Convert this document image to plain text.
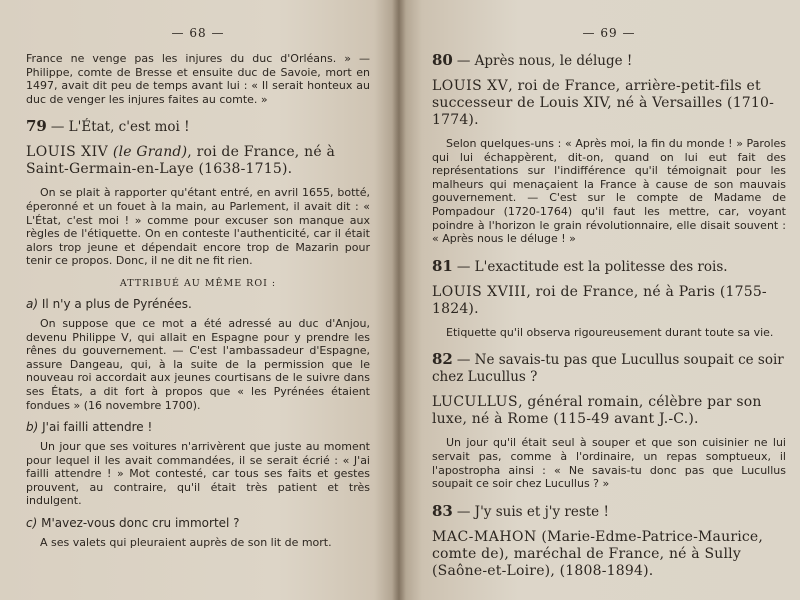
— 68 —

France ne venge pas les injures du duc d'Orléans. » — Philippe, comte de Bresse et ensuite duc de Savoie, mort en 1497, avait dit peu de temps avant lui : « Il serait honteux au duc de venger les injures faites au comte. »

79 — L'État, c'est moi !
LOUIS XIV (le Grand), roi de France, né à Saint-Germain-en-Laye (1638-1715).

On se plait à rapporter qu'étant entré, en avril 1655, botté, éperonné et un fouet à la main, au Parlement, il avait dit : « L'État, c'est moi ! » comme pour excuser son manque aux règles de l'étiquette. On en conteste l'authenticité, car il était alors trop jeune et dépendait encore trop de Mazarin pour tenir ce propos. Donc, il ne dit ne fit rien.

ATTRIBUÉ AU MÊME ROI :
a) Il n'y a plus de Pyrénées.

On suppose que ce mot a été adressé au duc d'Anjou, devenu Philippe V, qui allait en Espagne pour y prendre les rênes du gouvernement. — C'est l'ambassadeur d'Espagne, assure Dangeau, qui, à la suite de la permission que le nouveau roi accordait aux jeunes courtisans de le suivre dans ses États, a dit fort à propos que « les Pyrénées étaient fondues » (16 novembre 1700).

b) J'ai failli attendre !

Un jour que ses voitures n'arrivèrent que juste au moment pour lequel il les avait commandées, il se serait écrié : « J'ai failli attendre ! » Mot contesté, car tous ses faits et gestes prouvent, au contraire, qu'il était très patient et très indulgent.

c) M'avez-vous donc cru immortel ?

A ses valets qui pleuraient auprès de son lit de mort.

— 69 —
80 — Après nous, le déluge !
LOUIS XV, roi de France, arrière-petit-fils et successeur de Louis XIV, né à Versailles (1710-1774).

Selon quelques-uns : « Après moi, la fin du monde ! » Paroles qui lui échappèrent, dit-on, quand on lui eut fait des représentations sur l'indifférence qu'il témoignait pour les malheurs qui menaçaient la France à cause de son mauvais gouvernement. — C'est sur le compte de Madame de Pompadour (1720-1764) qu'il faut les mettre, car, voyant poindre à l'horizon le grain révolutionnaire, elle disait souvent : « Après nous le déluge ! »

81 — L'exactitude est la politesse des rois.
LOUIS XVIII, roi de France, né à Paris (1755-1824).

Etiquette qu'il observa rigoureusement durant toute sa vie.

82 — Ne savais-tu pas que Lucullus soupait ce soir chez Lucullus ?
LUCULLUS, général romain, célèbre par son luxe, né à Rome (115-49 avant J.-C.).

Un jour qu'il était seul à souper et que son cuisinier ne lui servait pas, comme à l'ordinaire, un repas somptueux, il l'apostropha ainsi : « Ne savais-tu donc pas que Lucullus soupait ce soir chez Lucullus ? »

83 — J'y suis et j'y reste !
MAC-MAHON (Marie-Edme-Patrice-Maurice, comte de), maréchal de France, né à Sully (Saône-et-Loire), (1808-1894).
